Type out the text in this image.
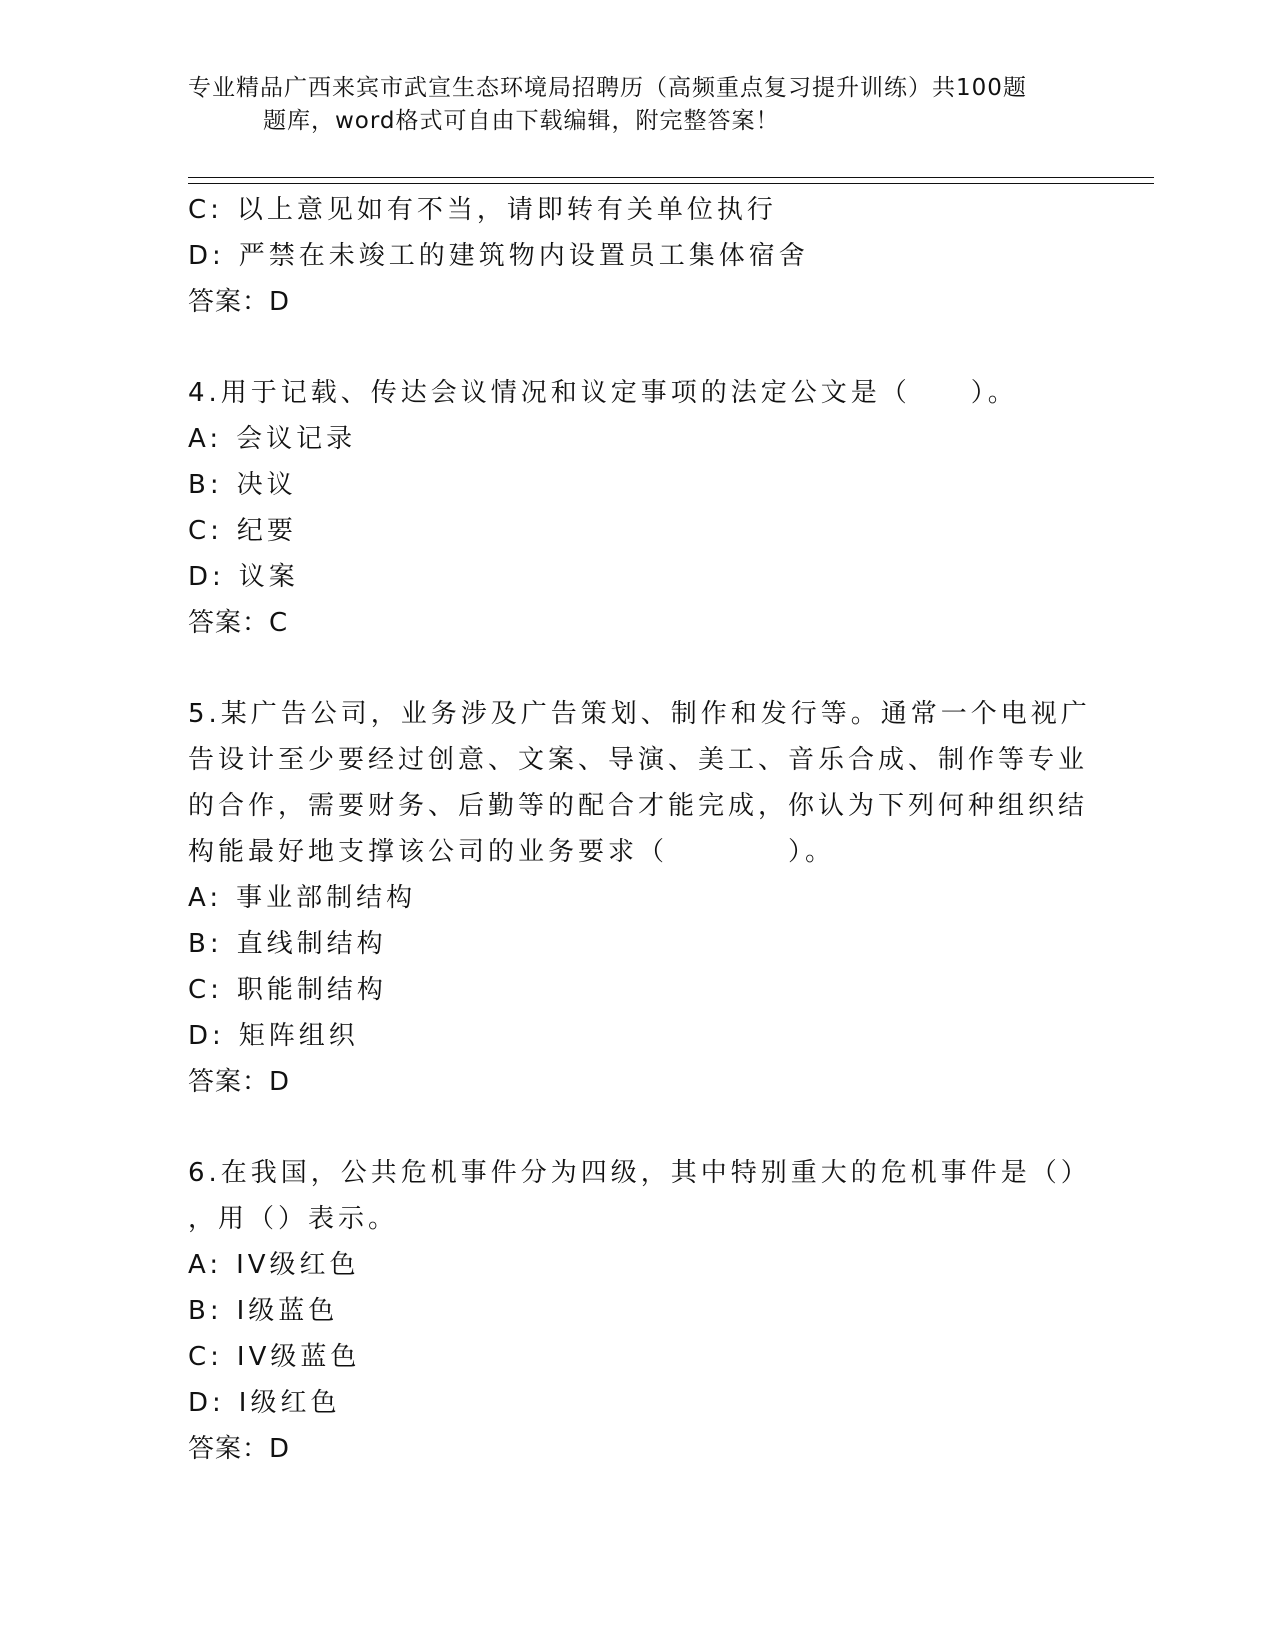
专业精品广西来宾市武宣生态环境局招聘历（高频重点复习提升训练）共100题
题库，word格式可自由下载编辑，附完整答案！
C: 以上意见如有不当，请即转有关单位执行
D: 严禁在未竣工的建筑物内设置员工集体宿舍
答案：D
4.用于记载、传达会议情况和议定事项的法定公文是（　　）。
A: 会议记录
B: 决议
C: 纪要
D: 议案
答案：C
5.某广告公司，业务涉及广告策划、制作和发行等。通常一个电视广
告设计至少要经过创意、文案、导演、美工、音乐合成、制作等专业
的合作，需要财务、后勤等的配合才能完成，你认为下列何种组织结
构能最好地支撑该公司的业务要求（　　　　）。
A: 事业部制结构
B: 直线制结构
C: 职能制结构
D: 矩阵组织
答案：D
6.在我国，公共危机事件分为四级，其中特别重大的危机事件是（）
，用（）表示。
A: IV级红色
B: I级蓝色
C: IV级蓝色
D: I级红色
答案：D
